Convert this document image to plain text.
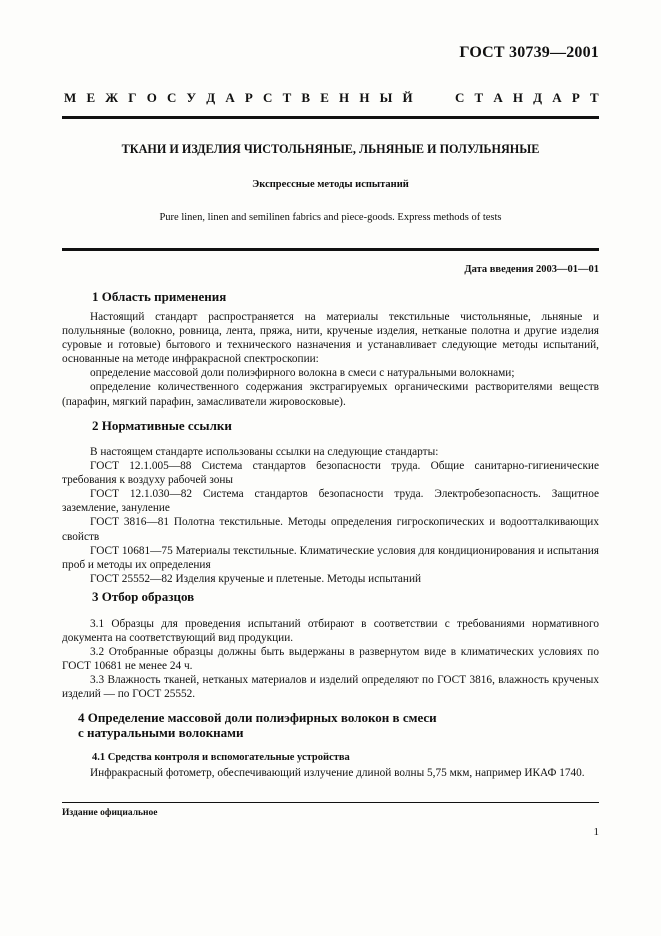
ГОСТ 30739—2001
М Е Ж Г О С У Д А Р С Т В Е Н Н Ы Й	С Т А Н Д А Р Т
ТКАНИ И ИЗДЕЛИЯ ЧИСТОЛЬНЯНЫЕ, ЛЬНЯНЫЕ И ПОЛУЛЬНЯНЫЕ
Экспрессные методы испытаний
Pure linen, linen and semilinen fabrics and piece-goods. Express methods of tests
Дата введения 2003—01—01
1 Область применения

Настоящий стандарт распространяется на материалы текстильные чистольняные, льняные и полульняные (волокно, ровница, лента, пряжа, нити, крученые изделия, нетканые полотна и другие изделия суровые и готовые) бытового и технического назначения и устанавливает следующие методы испытаний, основанные на методе инфракрасной спектроскопии:

определение массовой доли полиэфирного волокна в смеси с натуральными волокнами;

определение количественного содержания экстрагируемых органическими растворителями веществ (парафин, мягкий парафин, замасливатели жировосковые).

2 Нормативные ссылки

В настоящем стандарте использованы ссылки на следующие стандарты:

ГОСТ 12.1.005—88 Система стандартов безопасности труда. Общие санитарно-гигиенические требования к воздуху рабочей зоны

ГОСТ 12.1.030—82 Система стандартов безопасности труда. Электробезопасность. Защитное заземление, зануление

ГОСТ 3816—81 Полотна текстильные. Методы определения гигроскопических и водоотталкивающих свойств

ГОСТ 10681—75 Материалы текстильные. Климатические условия для кондиционирования и испытания проб и методы их определения

ГОСТ 25552—82 Изделия крученые и плетеные. Методы испытаний

3 Отбор образцов

3.1 Образцы для проведения испытаний отбирают в соответствии с требованиями нормативного документа на соответствующий вид продукции.

3.2 Отобранные образцы должны быть выдержаны в развернутом виде в климатических условиях по ГОСТ 10681 не менее 24 ч.

3.3 Влажность тканей, нетканых материалов и изделий определяют по ГОСТ 3816, влажность крученых изделий — по ГОСТ 25552.

4 Определение массовой доли полиэфирных волокон в смеси
с натуральными волокнами
4.1 Средства контроля и вспомогательные устройства

Инфракрасный фотометр, обеспечивающий излучение длиной волны 5,75 мкм, например ИКАФ 1740.

Издание официальное
1
